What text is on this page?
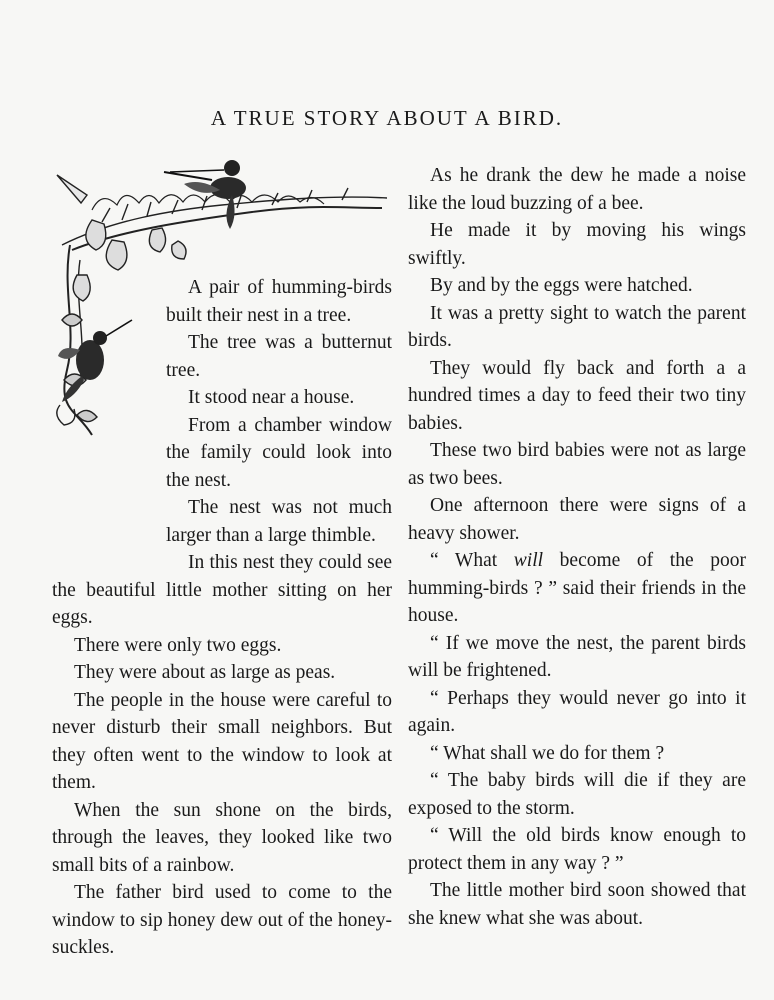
A TRUE STORY ABOUT A BIRD.

A pair of humming-birds built their nest in a tree.

The tree was a butternut tree.

It stood near a house.

From a chamber window the family could look into the nest.

The nest was not much larger than a large thimble.

In this nest they could see the beautiful little mother sitting on her eggs.

There were only two eggs.

They were about as large as peas.

The people in the house were careful to never disturb their small neighbors. But they often went to the window to look at them.

When the sun shone on the birds, through the leaves, they looked like two small bits of a rainbow.

The father bird used to come to the window to sip honey dew out of the honey-suckles.

As he drank the dew he made a noise like the loud buzzing of a bee.

He made it by moving his wings swiftly.

By and by the eggs were hatched.

It was a pretty sight to watch the parent birds.

They would fly back and forth a a hundred times a day to feed their two tiny babies.

These two bird babies were not as large as two bees.

One afternoon there were signs of a heavy shower.

“ What will become of the poor humming-birds ? ” said their friends in the house.

“ If we move the nest, the parent birds will be frightened.

“ Perhaps they would never go into it again.

“ What shall we do for them ?

“ The baby birds will die if they are exposed to the storm.

“ Will the old birds know enough to protect them in any way ? ”

The little mother bird soon showed that she knew what she was about.
